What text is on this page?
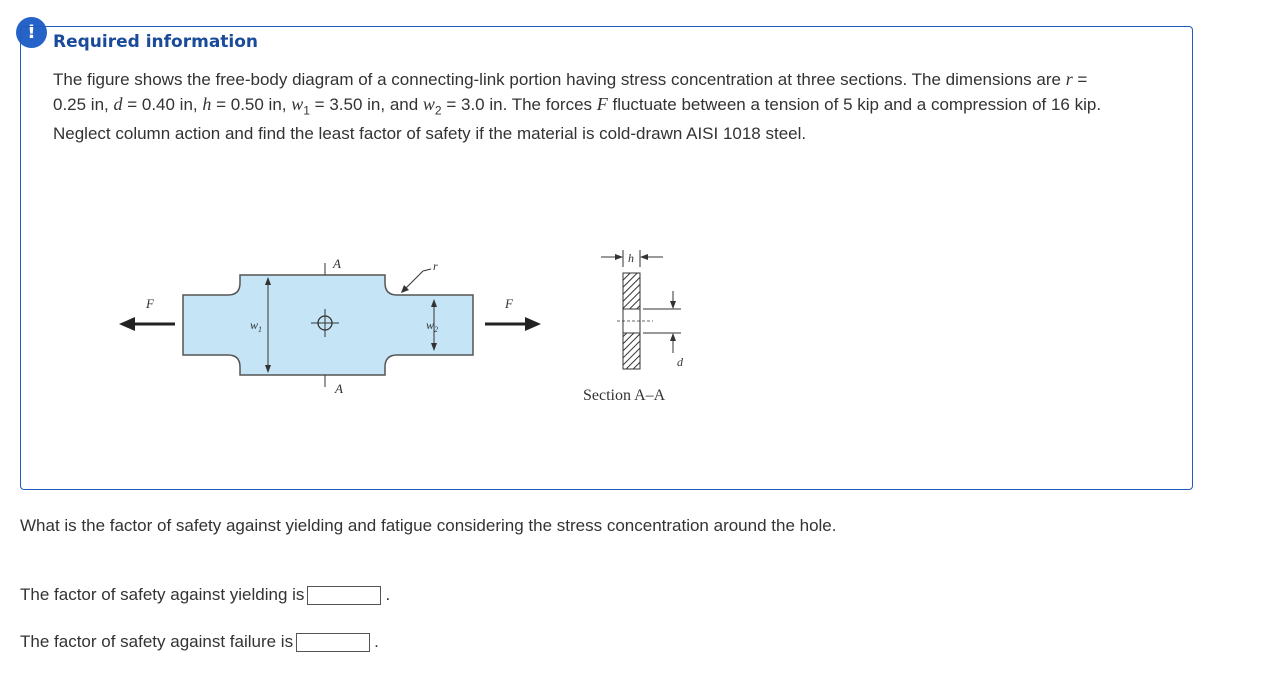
!	Required information
The figure shows the free-body diagram of a connecting-link portion having stress concentration at three sections. The dimensions are r = 0.25 in, d = 0.40 in, h = 0.50 in, $w_1 = 3.50$ in, and $w_2 = 3.0$ in. The forces F fluctuate between a tension of 5 kip and a compression of 16 kip. Neglect column action and find the least factor of safety if the material is cold-drawn AISI 1018 steel.
F	F
$w_1$
A
A
r
$w_2$
h
d
Section A–A
What is the factor of safety against yielding and fatigue considering the stress concentration around the hole.
The factor of safety against yielding is	.
The factor of safety against failure is	.
